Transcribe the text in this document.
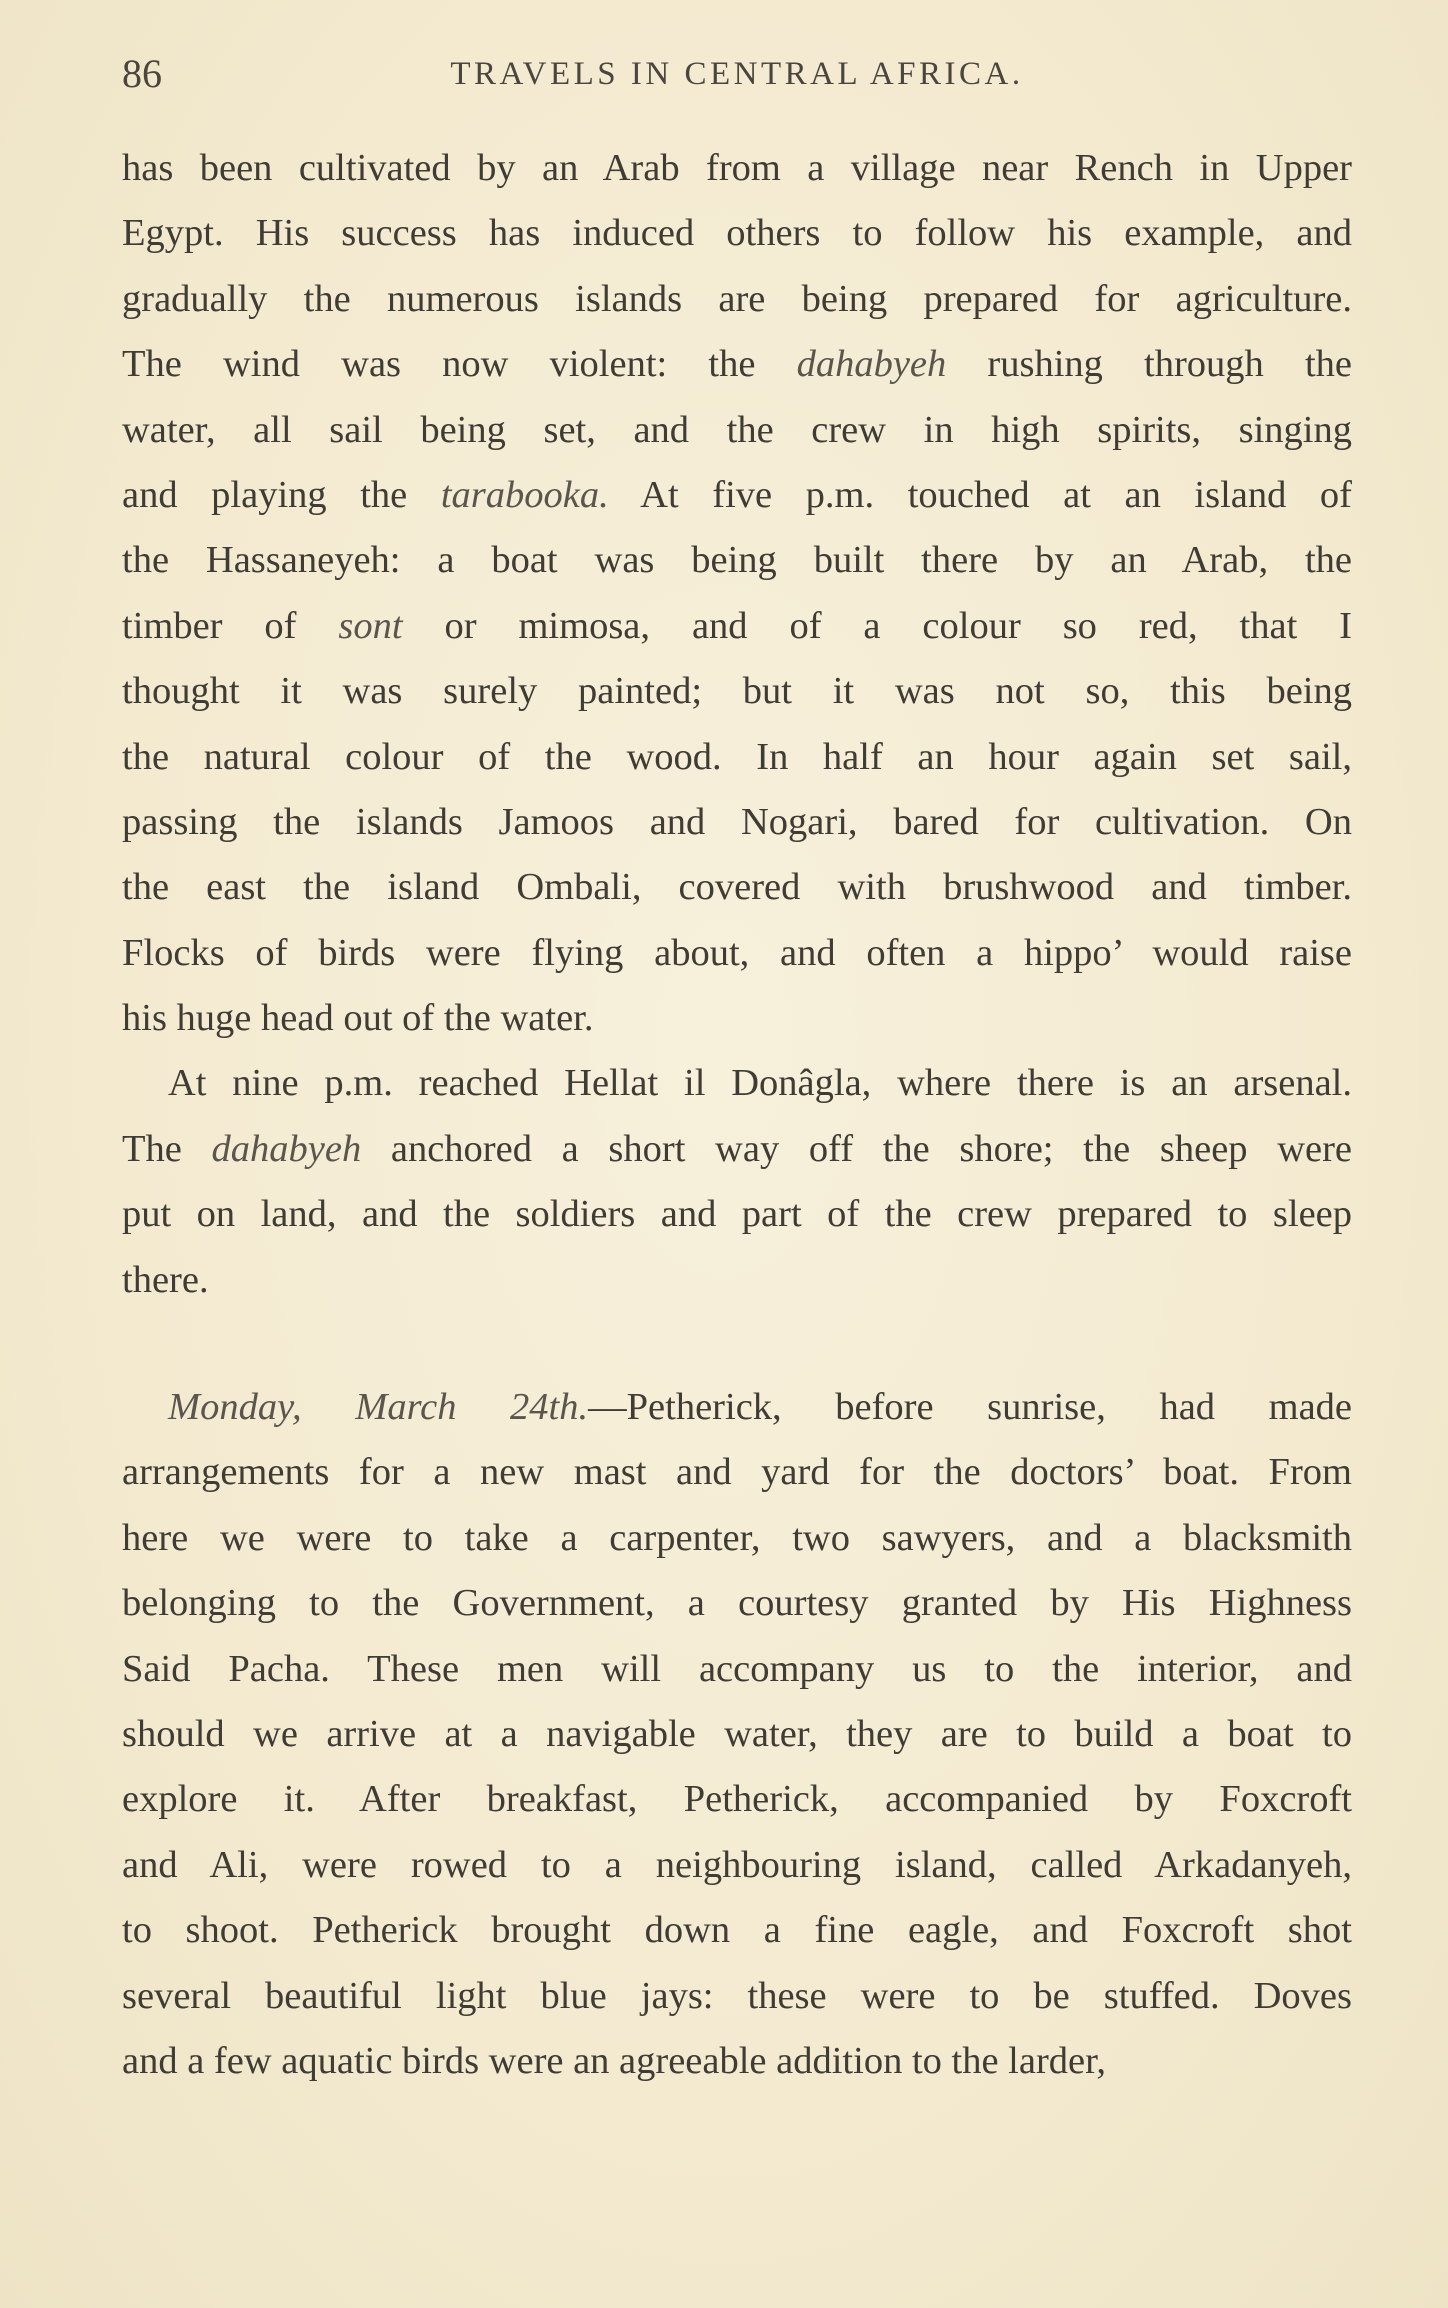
86	TRAVELS IN CENTRAL AFRICA.
has been cultivated by an Arab from a village near Rench in Upper
Egypt. His success has induced others to follow his example, and
gradually the numerous islands are being prepared for agriculture.
The wind was now violent: the dahabyeh rushing through the
water, all sail being set, and the crew in high spirits, singing
and playing the tarabooka. At five p.m. touched at an island of
the Hassaneyeh: a boat was being built there by an Arab, the
timber of sont or mimosa, and of a colour so red, that I
thought it was surely painted; but it was not so, this being
the natural colour of the wood. In half an hour again set sail,
passing the islands Jamoos and Nogari, bared for cultivation. On
the east the island Ombali, covered with brushwood and timber.
Flocks of birds were flying about, and often a hippo’ would raise
his huge head out of the water.
At nine p.m. reached Hellat il Donâgla, where there is an arsenal.
The dahabyeh anchored a short way off the shore; the sheep were
put on land, and the soldiers and part of the crew prepared to sleep
there.
Monday, March 24th.—Petherick, before sunrise, had made
arrangements for a new mast and yard for the doctors’ boat. From
here we were to take a carpenter, two sawyers, and a blacksmith
belonging to the Government, a courtesy granted by His Highness
Said Pacha. These men will accompany us to the interior, and
should we arrive at a navigable water, they are to build a boat to
explore it. After breakfast, Petherick, accompanied by Foxcroft
and Ali, were rowed to a neighbouring island, called Arkadanyeh,
to shoot. Petherick brought down a fine eagle, and Foxcroft shot
several beautiful light blue jays: these were to be stuffed. Doves
and a few aquatic birds were an agreeable addition to the larder,
